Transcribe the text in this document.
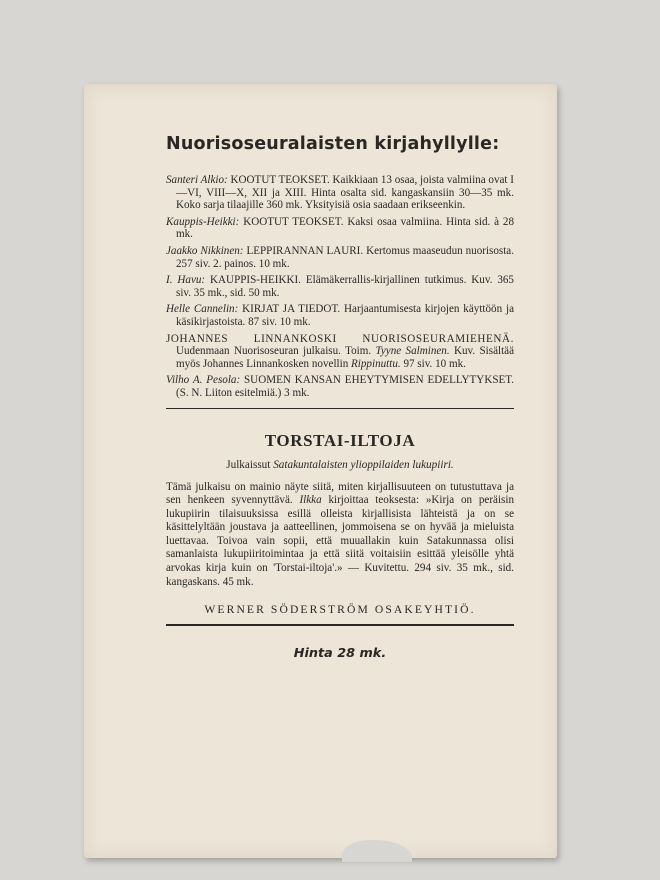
Nuorisoseuralaisten kirjahyllylle:
Santeri Alkio: KOOTUT TEOKSET. Kaikkiaan 13 osaa, joista valmiina ovat I—VI, VIII—X, XII ja XIII. Hinta osalta sid. kangaskansiin 30—35 mk. Koko sarja tilaajille 360 mk. Yksityisiä osia saadaan erikseenkin.
Kauppis-Heikki: KOOTUT TEOKSET. Kaksi osaa valmiina. Hinta sid. à 28 mk.
Jaakko Nikkinen: LEPPIRANNAN LAURI. Kertomus maaseudun nuorisosta. 257 siv. 2. painos. 10 mk.
I. Havu: KAUPPIS-HEIKKI. Elämäkerrallis-kirjallinen tutkimus. Kuv. 365 siv. 35 mk., sid. 50 mk.
Helle Cannelin: KIRJAT JA TIEDOT. Harjaantumisesta kirjojen käyttöön ja käsikirjastoista. 87 siv. 10 mk.
JOHANNES LINNANKOSKI NUORISOSEURAMIEHENÄ. Uudenmaan Nuorisoseuran julkaisu. Toim. Tyyne Salminen. Kuv. Sisältää myös Johannes Linnankosken novellin Rippinuttu. 97 siv. 10 mk.
Vilho A. Pesola: SUOMEN KANSAN EHEYTYMISEN EDELLYTYKSET. (S. N. Liiton esitelmiä.) 3 mk.
TORSTAI-ILTOJA
Julkaissut Satakuntalaisten ylioppilaiden lukupiiri.
Tämä julkaisu on mainio näyte siitä, miten kirjallisuuteen on tutustuttava ja sen henkeen syvennyttävä. Ilkka kirjoittaa teoksesta: »Kirja on peräisin lukupiirin tilaisuuksissa esillä olleista kirjallisista lähteistä ja on se käsittelyltään joustava ja aatteellinen, jommoisena se on hyvää ja mieluista luettavaa. Toivoa vain sopii, että muuallakin kuin Satakunnassa olisi samanlaista lukupiiritoimintaa ja että siitä voitaisiin esittää yleisölle yhtä arvokas kirja kuin on 'Torstai-iltoja'.» — Kuvitettu. 294 siv. 35 mk., sid. kangaskans. 45 mk.
WERNER SÖDERSTRÖM OSAKEYHTIÖ.
Hinta 28 mk.
